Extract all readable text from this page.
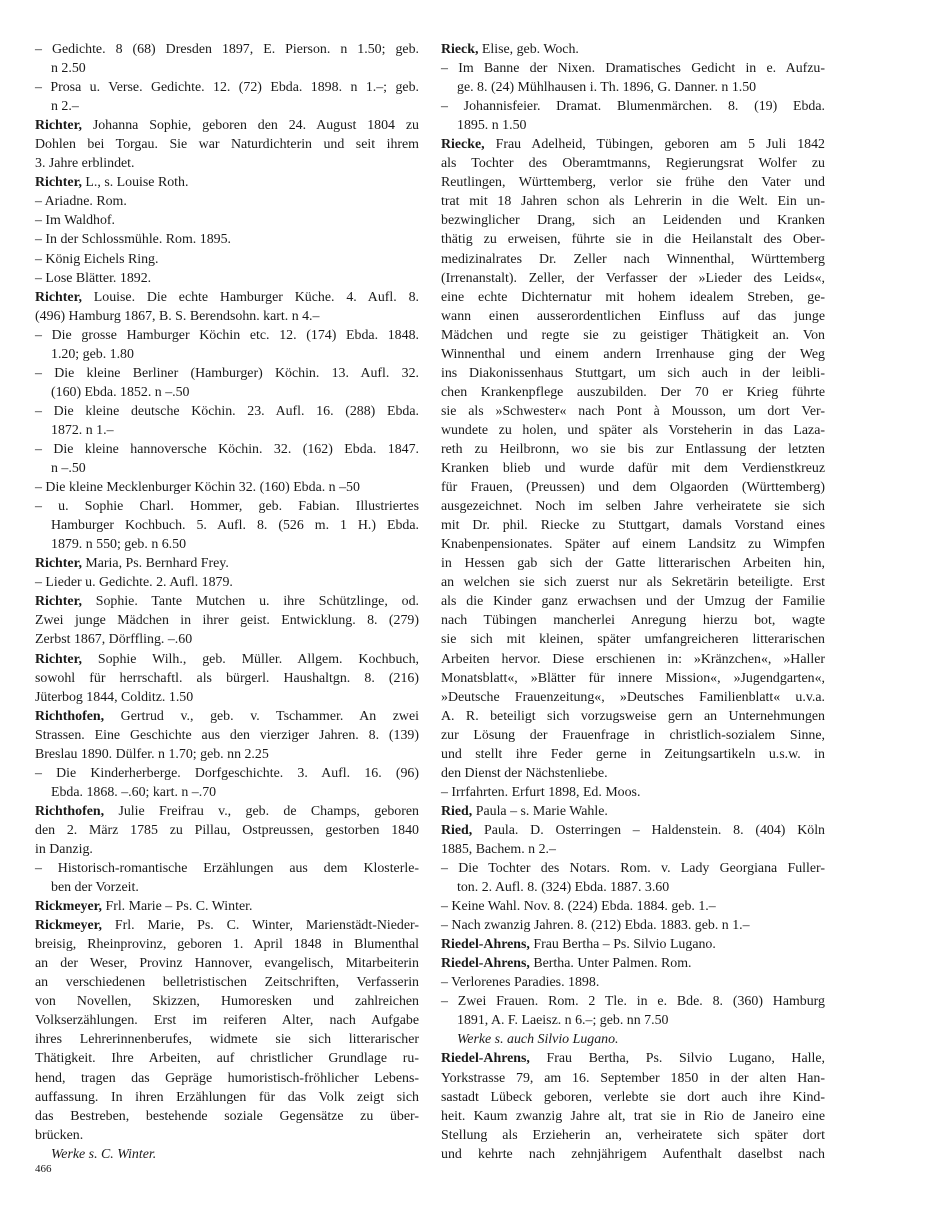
– Gedichte. 8 (68) Dresden 1897, E. Pierson. n 1.50; geb.
n 2.50
– Prosa u. Verse. Gedichte. 12. (72) Ebda. 1898. n 1.–; geb.
n 2.–
Richter, Johanna Sophie, geboren den 24. August 1804 zu
Dohlen bei Torgau. Sie war Naturdichterin und seit ihrem
3. Jahre erblindet.
Richter, L., s. Louise Roth.
– Ariadne. Rom.
– Im Waldhof.
– In der Schlossmühle. Rom. 1895.
– König Eichels Ring.
– Lose Blätter. 1892.
Richter, Louise. Die echte Hamburger Küche. 4. Aufl. 8.
(496) Hamburg 1867, B. S. Berendsohn. kart. n 4.–
– Die grosse Hamburger Köchin etc. 12. (174) Ebda. 1848.
1.20; geb. 1.80
– Die kleine Berliner (Hamburger) Köchin. 13. Aufl. 32.
(160) Ebda. 1852. n –.50
– Die kleine deutsche Köchin. 23. Aufl. 16. (288) Ebda.
1872. n 1.–
– Die kleine hannoversche Köchin. 32. (162) Ebda. 1847.
n –.50
– Die kleine Mecklenburger Köchin 32. (160) Ebda. n –50
– u. Sophie Charl. Hommer, geb. Fabian. Illustriertes
Hamburger Kochbuch. 5. Aufl. 8. (526 m. 1 H.) Ebda.
1879. n 550; geb. n 6.50
Richter, Maria, Ps. Bernhard Frey.
– Lieder u. Gedichte. 2. Aufl. 1879.
Richter, Sophie. Tante Mutchen u. ihre Schützlinge, od.
Zwei junge Mädchen in ihrer geist. Entwicklung. 8. (279)
Zerbst 1867, Dörffling. –.60
Richter, Sophie Wilh., geb. Müller. Allgem. Kochbuch,
sowohl für herrschaftl. als bürgerl. Haushaltgn. 8. (216)
Jüterbog 1844, Colditz. 1.50
Richthofen, Gertrud v., geb. v. Tschammer. An zwei
Strassen. Eine Geschichte aus den vierziger Jahren. 8. (139)
Breslau 1890. Dülfer. n 1.70; geb. nn 2.25
– Die Kinderherberge. Dorfgeschichte. 3. Aufl. 16. (96)
Ebda. 1868. –.60; kart. n –.70
Richthofen, Julie Freifrau v., geb. de Champs, geboren
den 2. März 1785 zu Pillau, Ostpreussen, gestorben 1840
in Danzig.
– Historisch-romantische Erzählungen aus dem Klosterle-
ben der Vorzeit.
Rickmeyer, Frl. Marie – Ps. C. Winter.
Rickmeyer, Frl. Marie, Ps. C. Winter, Marienstädt-Nieder-
breisig, Rheinprovinz, geboren 1. April 1848 in Blumenthal
an der Weser, Provinz Hannover, evangelisch, Mitarbeiterin
an verschiedenen belletristischen Zeitschriften, Verfasserin
von Novellen, Skizzen, Humoresken und zahlreichen
Volkserzählungen. Erst im reiferen Alter, nach Aufgabe
ihres Lehrerinnenberufes, widmete sie sich litterarischer
Thätigkeit. Ihre Arbeiten, auf christlicher Grundlage ru-
hend, tragen das Gepräge humoristisch-fröhlicher Lebens-
auffassung. In ihren Erzählungen für das Volk zeigt sich
das Bestreben, bestehende soziale Gegensätze zu über-
brücken.
Werke s. C. Winter.
Rieck, Elise, geb. Woch.
– Im Banne der Nixen. Dramatisches Gedicht in e. Aufzu-
ge. 8. (24) Mühlhausen i. Th. 1896, G. Danner. n 1.50
– Johannisfeier. Dramat. Blumenmärchen. 8. (19) Ebda.
1895. n 1.50
Riecke, Frau Adelheid, Tübingen, geboren am 5 Juli 1842
als Tochter des Oberamtmanns, Regierungsrat Wolfer zu
Reutlingen, Württemberg, verlor sie frühe den Vater und
trat mit 18 Jahren schon als Lehrerin in die Welt. Ein un-
bezwinglicher Drang, sich an Leidenden und Kranken
thätig zu erweisen, führte sie in die Heilanstalt des Ober-
medizinalrates Dr. Zeller nach Winnenthal, Württemberg
(Irrenanstalt). Zeller, der Verfasser der »Lieder des Leids«,
eine echte Dichternatur mit hohem idealem Streben, ge-
wann einen ausserordentlichen Einfluss auf das junge
Mädchen und regte sie zu geistiger Thätigkeit an. Von
Winnenthal und einem andern Irrenhause ging der Weg
ins Diakonissenhaus Stuttgart, um sich auch in der leibli-
chen Krankenpflege auszubilden. Der 70 er Krieg führte
sie als »Schwester« nach Pont à Mousson, um dort Ver-
wundete zu holen, und später als Vorsteherin in das Laza-
reth zu Heilbronn, wo sie bis zur Entlassung der letzten
Kranken blieb und wurde dafür mit dem Verdienstkreuz
für Frauen, (Preussen) und dem Olgaorden (Württemberg)
ausgezeichnet. Noch im selben Jahre verheiratete sie sich
mit Dr. phil. Riecke zu Stuttgart, damals Vorstand eines
Knabenpensionates. Später auf einem Landsitz zu Wimpfen
in Hessen gab sich der Gatte litterarischen Arbeiten hin,
an welchen sie sich zuerst nur als Sekretärin beteiligte. Erst
als die Kinder ganz erwachsen und der Umzug der Familie
nach Tübingen mancherlei Anregung hierzu bot, wagte
sie sich mit kleinen, später umfangreicheren litterarischen
Arbeiten hervor. Diese erschienen in: »Kränzchen«, »Haller
Monatsblatt«, »Blätter für innere Mission«, »Jugendgarten«,
»Deutsche Frauenzeitung«, »Deutsches Familienblatt« u.v.a.
A. R. beteiligt sich vorzugsweise gern an Unternehmungen
zur Lösung der Frauenfrage in christlich-sozialem Sinne,
und stellt ihre Feder gerne in Zeitungsartikeln u.s.w. in
den Dienst der Nächstenliebe.
– Irrfahrten. Erfurt 1898, Ed. Moos.
Ried, Paula – s. Marie Wahle.
Ried, Paula. D. Osterringen – Haldenstein. 8. (404) Köln
1885, Bachem. n 2.–
– Die Tochter des Notars. Rom. v. Lady Georgiana Fuller-
ton. 2. Aufl. 8. (324) Ebda. 1887. 3.60
– Keine Wahl. Nov. 8. (224) Ebda. 1884. geb. 1.–
– Nach zwanzig Jahren. 8. (212) Ebda. 1883. geb. n 1.–
Riedel-Ahrens, Frau Bertha – Ps. Silvio Lugano.
Riedel-Ahrens, Bertha. Unter Palmen. Rom.
– Verlorenes Paradies. 1898.
– Zwei Frauen. Rom. 2 Tle. in e. Bde. 8. (360) Hamburg
1891, A. F. Laeisz. n 6.–; geb. nn 7.50
Werke s. auch Silvio Lugano.
Riedel-Ahrens, Frau Bertha, Ps. Silvio Lugano, Halle,
Yorkstrasse 79, am 16. September 1850 in der alten Han-
sastadt Lübeck geboren, verlebte sie dort auch ihre Kind-
heit. Kaum zwanzig Jahre alt, trat sie in Rio de Janeiro eine
Stellung als Erzieherin an, verheiratete sich später dort
und kehrte nach zehnjährigem Aufenthalt daselbst nach
466
